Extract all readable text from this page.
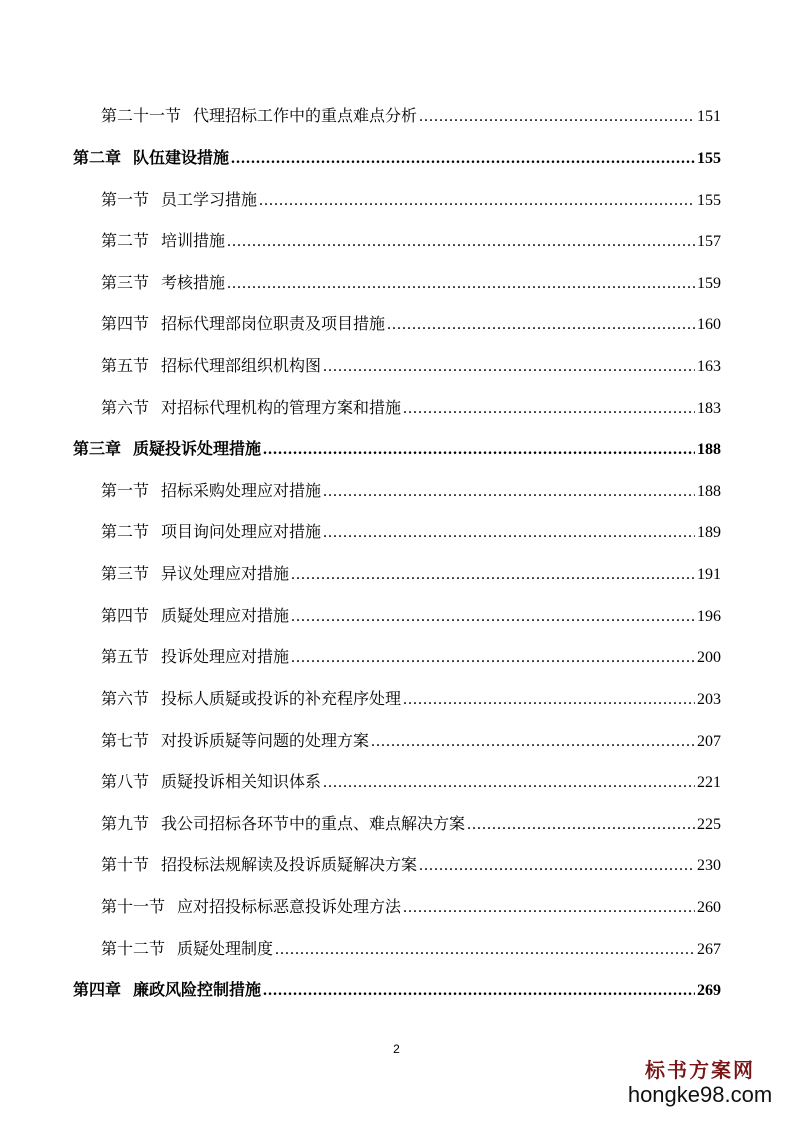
第二十一节 代理招标工作中的重点难点分析 .....	151
第二章 队伍建设措施 .....	155
第一节 员工学习措施 .....	155
第二节 培训措施 .....	157
第三节 考核措施 .....	159
第四节 招标代理部岗位职责及项目措施 .....	160
第五节 招标代理部组织机构图 .....	163
第六节 对招标代理机构的管理方案和措施 .....	183
第三章 质疑投诉处理措施 .....	188
第一节 招标采购处理应对措施 .....	188
第二节 项目询问处理应对措施 .....	189
第三节 异议处理应对措施 .....	191
第四节 质疑处理应对措施 .....	196
第五节 投诉处理应对措施 .....	200
第六节 投标人质疑或投诉的补充程序处理 .....	203
第七节 对投诉质疑等问题的处理方案 .....	207
第八节 质疑投诉相关知识体系 .....	221
第九节 我公司招标各环节中的重点、难点解决方案 .....	225
第十节 招投标法规解读及投诉质疑解决方案 .....	230
第十一节 应对招投标标恶意投诉处理方法 .....	260
第十二节 质疑处理制度 .....	267
第四章 廉政风险控制措施 .....	269
2
标书方案网
hongke98.com
